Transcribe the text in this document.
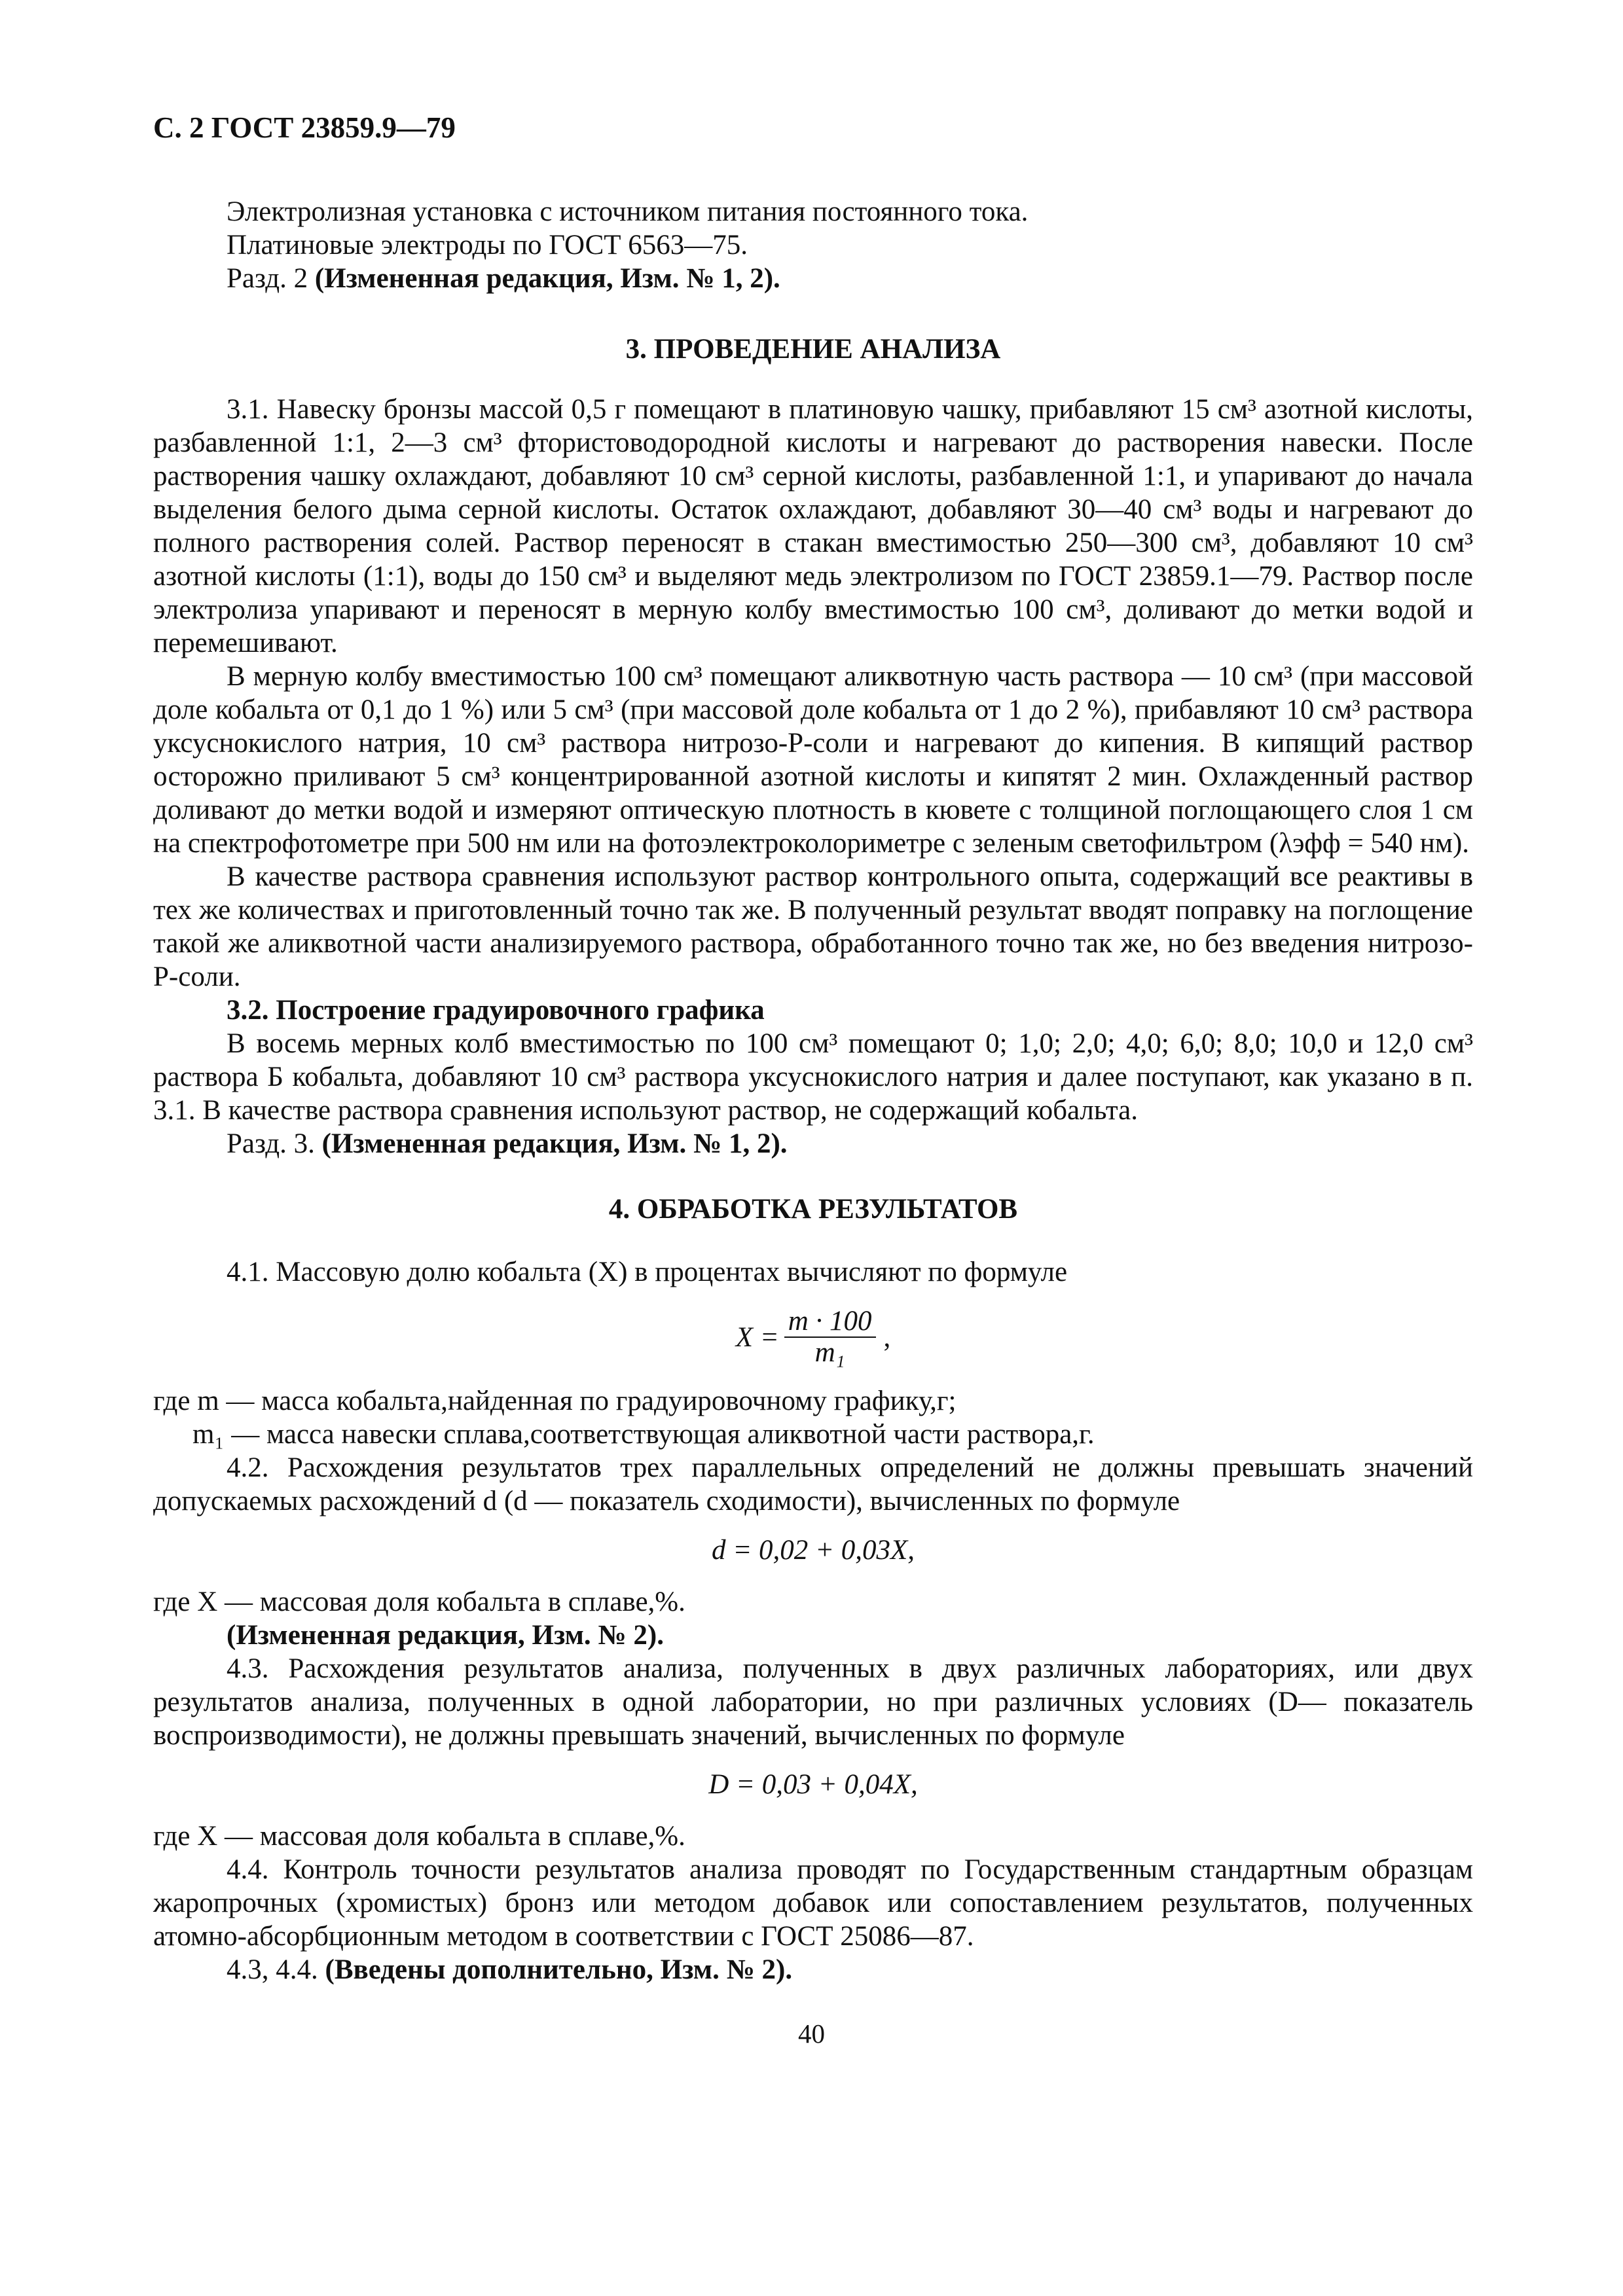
С. 2 ГОСТ 23859.9—79

Электролизная установка с источником питания постоянного тока.

Платиновые электроды по ГОСТ 6563—75.

Разд. 2 (Измененная редакция, Изм. № 1, 2).

3. ПРОВЕДЕНИЕ АНАЛИЗА

3.1. Навеску бронзы массой 0,5 г помещают в платиновую чашку, прибавляют 15 см³ азотной кислоты, разбавленной 1:1, 2—3 см³ фтористоводородной кислоты и нагревают до растворения навески. После растворения чашку охлаждают, добавляют 10 см³ серной кислоты, разбавленной 1:1, и упаривают до начала выделения белого дыма серной кислоты. Остаток охлаждают, добавляют 30—40 см³ воды и нагревают до полного растворения солей. Раствор переносят в стакан вместимостью 250—300 см³, добавляют 10 см³ азотной кислоты (1:1), воды до 150 см³ и выделяют медь электролизом по ГОСТ 23859.1—79. Раствор после электролиза упаривают и переносят в мерную колбу вместимостью 100 см³, доливают до метки водой и перемешивают.

В мерную колбу вместимостью 100 см³ помещают аликвотную часть раствора — 10 см³ (при массовой доле кобальта от 0,1 до 1 %) или 5 см³ (при массовой доле кобальта от 1 до 2 %), прибавляют 10 см³ раствора уксуснокислого натрия, 10 см³ раствора нитрозо-Р-соли и нагревают до кипения. В кипящий раствор осторожно приливают 5 см³ концентрированной азотной кислоты и кипятят 2 мин. Охлажденный раствор доливают до метки водой и измеряют оптическую плотность в кювете с толщиной поглощающего слоя 1 см на спектрофотометре при 500 нм или на фотоэлектроколориметре с зеленым светофильтром (λэфф = 540 нм).

В качестве раствора сравнения используют раствор контрольного опыта, содержащий все реактивы в тех же количествах и приготовленный точно так же. В полученный результат вводят поправку на поглощение такой же аликвотной части анализируемого раствора, обработанного точно так же, но без введения нитрозо-Р-соли.

3.2. Построение градуировочного графика

В восемь мерных колб вместимостью по 100 см³ помещают 0; 1,0; 2,0; 4,0; 6,0; 8,0; 10,0 и 12,0 см³ раствора Б кобальта, добавляют 10 см³ раствора уксуснокислого натрия и далее поступают, как указано в п. 3.1. В качестве раствора сравнения используют раствор, не содержащий кобальта.

Разд. 3. (Измененная редакция, Изм. № 1, 2).

4. ОБРАБОТКА РЕЗУЛЬТАТОВ

4.1. Массовую долю кобальта (X) в процентах вычисляют по формуле

$X = \frac{m \cdot 100}{\text{m₁}}$ ,

где m — масса кобальта,найденная по градуировочному графику,г;

m₁ — масса навески сплава,соответствующая аликвотной части раствора,г.

4.2. Расхождения результатов трех параллельных определений не должны превышать значений допускаемых расхождений d (d — показатель сходимости), вычисленных по формуле

d = 0,02 + 0,03X,

где X — массовая доля кобальта в сплаве,%.

(Измененная редакция, Изм. № 2).

4.3. Расхождения результатов анализа, полученных в двух различных лабораториях, или двух результатов анализа, полученных в одной лаборатории, но при различных условиях (D— показатель воспроизводимости), не должны превышать значений, вычисленных по формуле

D = 0,03 + 0,04X,

где X — массовая доля кобальта в сплаве,%.

4.4. Контроль точности результатов анализа проводят по Государственным стандартным образцам жаропрочных (хромистых) бронз или методом добавок или сопоставлением результатов, полученных атомно-абсорбционным методом в соответствии с ГОСТ 25086—87.

4.3, 4.4. (Введены дополнительно, Изм. № 2).

40
